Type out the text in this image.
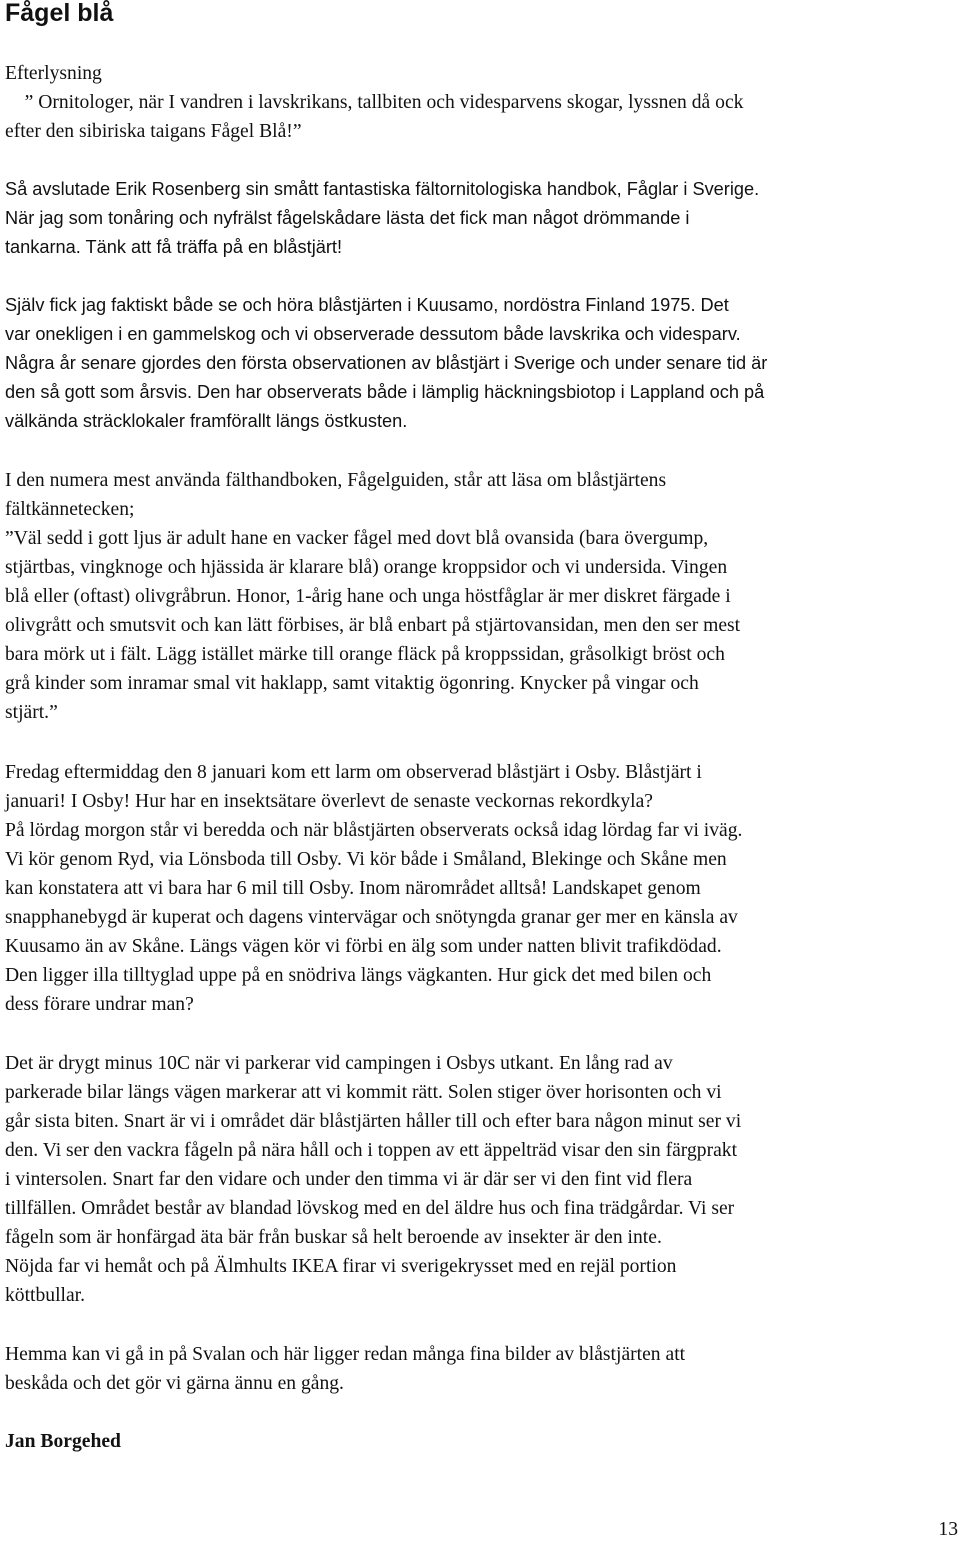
Fågel blå
Efterlysning
” Ornitologer, när I vandren i lavskrikans, tallbiten och videsparvens skogar, lyssnen då ock
efter den sibiriska taigans Fågel Blå!”
Så avslutade Erik Rosenberg sin smått fantastiska fältornitologiska handbok, Fåglar i Sverige.
När jag som tonåring och nyfrälst fågelskådare lästa det fick man något drömmande i
tankarna. Tänk att få träffa på en blåstjärt!
Själv fick jag faktiskt både se och höra blåstjärten i Kuusamo, nordöstra Finland 1975. Det
var onekligen i en gammelskog och vi observerade dessutom både lavskrika och videsparv.
Några år senare gjordes den första observationen av blåstjärt i Sverige och under senare tid är
den så gott som årsvis. Den har observerats både i lämplig häckningsbiotop i Lappland och på
välkända sträcklokaler framförallt längs östkusten.
I den numera mest använda fälthandboken, Fågelguiden, står att läsa om blåstjärtens
fältkännetecken;
”Väl sedd i gott ljus är adult hane en vacker fågel med dovt blå ovansida (bara övergump,
stjärtbas, vingknoge och hjässida är klarare blå) orange kroppsidor och vi undersida. Vingen
blå eller (oftast) olivgråbrun. Honor, 1-årig hane och unga höstfåglar är mer diskret färgade i
olivgrått och smutsvit och kan lätt förbises, är blå enbart på stjärtovansidan, men den ser mest
bara mörk ut i fält. Lägg istället märke till orange fläck på kroppssidan, gråsolkigt bröst och
grå kinder som inramar smal vit haklapp, samt vitaktig ögonring. Knycker på vingar och
stjärt.”
Fredag eftermiddag den 8 januari kom ett larm om observerad blåstjärt i Osby. Blåstjärt i
januari! I Osby! Hur har en insektsätare överlevt de senaste veckornas rekordkyla?
På lördag morgon står vi beredda och när blåstjärten observerats också idag lördag far vi iväg.
Vi kör genom Ryd, via Lönsboda till Osby. Vi kör både i Småland, Blekinge och Skåne men
kan konstatera att vi bara har 6 mil till Osby. Inom närområdet alltså! Landskapet genom
snapphanebygd är kuperat och dagens vintervägar och snötyngda granar ger mer en känsla av
Kuusamo än av Skåne. Längs vägen kör vi förbi en älg som under natten blivit trafikdödad.
Den ligger illa tilltyglad uppe på en snödriva längs vägkanten. Hur gick det med bilen och
dess förare undrar man?
Det är drygt minus 10C när vi parkerar vid campingen i Osbys utkant. En lång rad av
parkerade bilar längs vägen markerar att vi kommit rätt. Solen stiger över horisonten och vi
går sista biten. Snart är vi i området där blåstjärten håller till och efter bara någon minut ser vi
den. Vi ser den vackra fågeln på nära håll och i toppen av ett äppelträd visar den sin färgprakt
i vintersolen. Snart far den vidare och under den timma vi är där ser vi den fint vid flera
tillfällen. Området består av blandad lövskog med en del äldre hus och fina trädgårdar. Vi ser
fågeln som är honfärgad äta bär från buskar så helt beroende av insekter är den inte.
Nöjda far vi hemåt och på Älmhults IKEA firar vi sverigekrysset med en rejäl portion
köttbullar.
Hemma kan vi gå in på Svalan och här ligger redan många fina bilder av blåstjärten att
beskåda och det gör vi gärna ännu en gång.
Jan Borgehed
13
